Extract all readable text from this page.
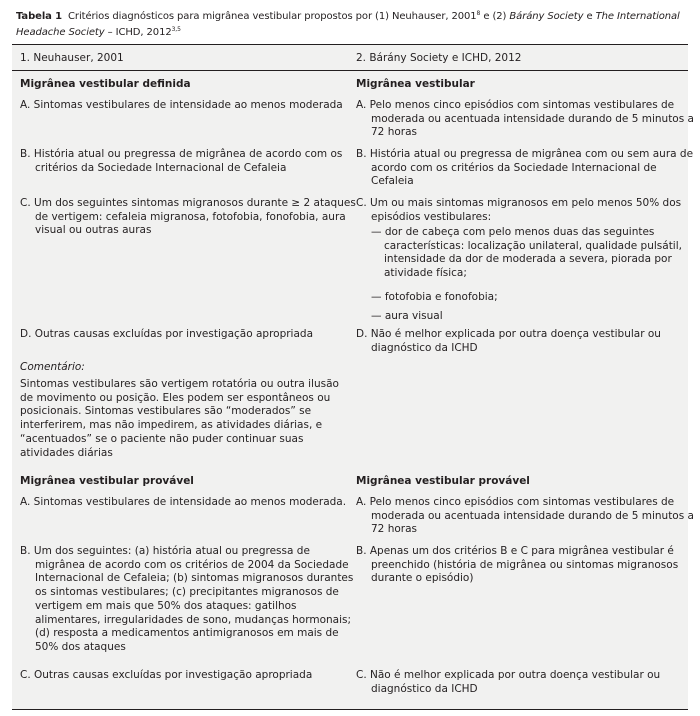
Tabela 1 Critérios diagnósticos para migrânea vestibular propostos por (1) Neuhauser, 2001$^8$ e (2) Bárány Society e The International Headache Society – ICHD, 2012$^{3,5}$
1. Neuhauser, 2001	2. Bárány Society e ICHD, 2012

Migrânea vestibular definida

A. Sintomas vestibulares de intensidade ao menos moderada

B. História atual ou pregressa de migrânea de acordo com os critérios da Sociedade Internacional de Cefaleia

C. Um dos seguintes sintomas migranosos durante ≥ 2 ataques de vertigem: cefaleia migranosa, fotofobia, fonofobia, aura visual ou outras auras

D. Outras causas excluídas por investigação apropriada

Comentário:

Sintomas vestibulares são vertigem rotatória ou outra ilusão de movimento ou posição. Eles podem ser espontâneos ou posicionais. Sintomas vestibulares são “moderados” se interferirem, mas não impedirem, as atividades diárias, e “acentuados” se o paciente não puder continuar suas atividades diárias

Migrânea vestibular provável

A. Sintomas vestibulares de intensidade ao menos moderada.

B. Um dos seguintes: (a) história atual ou pregressa de migrânea de acordo com os critérios de 2004 da Sociedade Internacional de Cefaleia; (b) sintomas migranosos durantes os sintomas vestibulares; (c) precipitantes migranosos de vertigem em mais que 50% dos ataques: gatilhos alimentares, irregularidades de sono, mudanças hormonais; (d) resposta a medicamentos antimigranosos em mais de 50% dos ataques

C. Outras causas excluídas por investigação apropriada

Migrânea vestibular

A. Pelo menos cinco episódios com sintomas vestibulares de moderada ou acentuada intensidade durando de 5 minutos a 72 horas

B. História atual ou pregressa de migrânea com ou sem aura de acordo com os critérios da Sociedade Internacional de Cefaleia

C. Um ou mais sintomas migranosos em pelo menos 50% dos episódios vestibulares:

— dor de cabeça com pelo menos duas das seguintes características: localização unilateral, qualidade pulsátil, intensidade da dor de moderada a severa, piorada por atividade física;

— fotofobia e fonofobia;

— aura visual

D. Não é melhor explicada por outra doença vestibular ou diagnóstico da ICHD

Migrânea vestibular provável

A. Pelo menos cinco episódios com sintomas vestibulares de moderada ou acentuada intensidade durando de 5 minutos a 72 horas

B. Apenas um dos critérios B e C para migrânea vestibular é preenchido (história de migrânea ou sintomas migranosos durante o episódio)

C. Não é melhor explicada por outra doença vestibular ou diagnóstico da ICHD
